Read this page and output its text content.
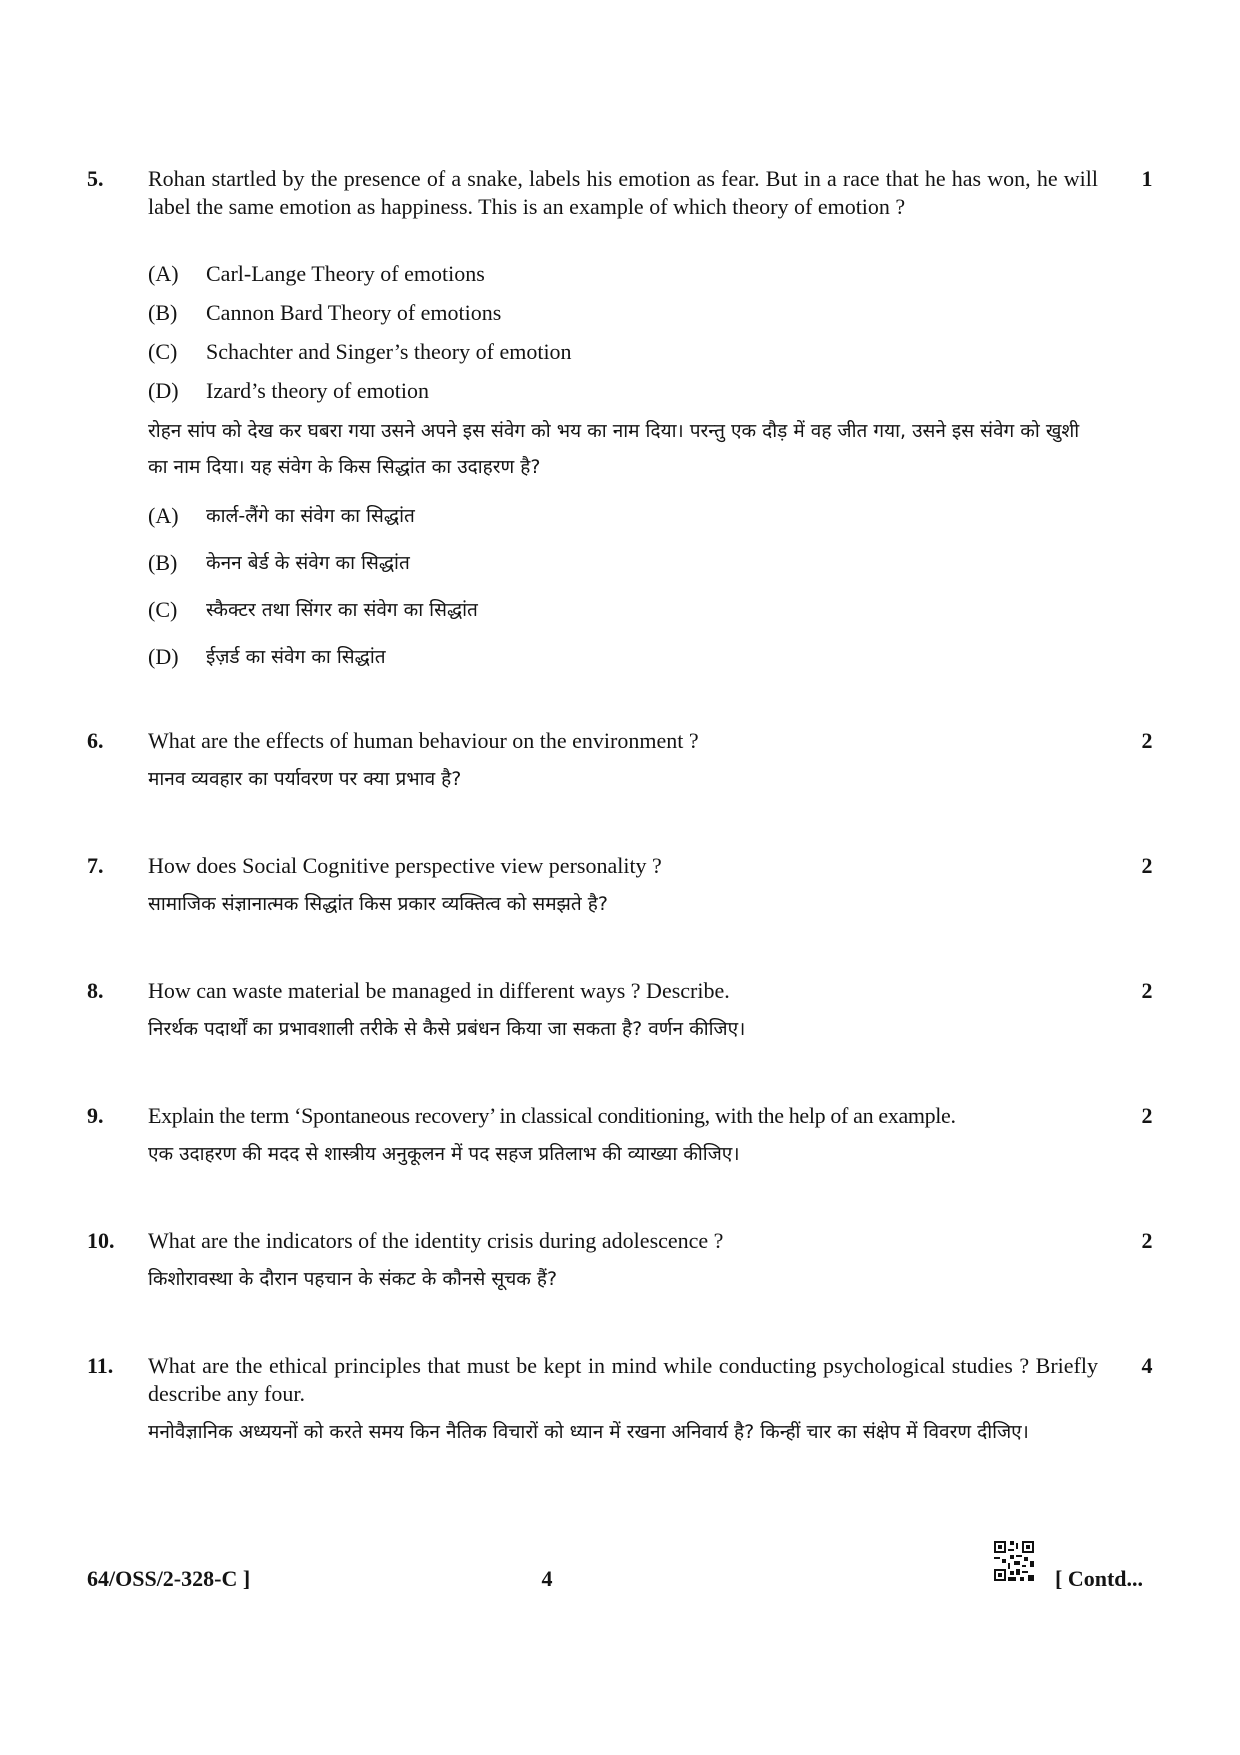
5.	1

Rohan startled by the presence of a snake, labels his emotion as fear. But in a race that he has won, he will label the same emotion as happiness. This is an example of which theory of emotion ?

(A) Carl-Lange Theory of emotions
(B) Cannon Bard Theory of emotions
(C) Schachter and Singer’s theory of emotion
(D) Izard’s theory of emotion

रोहन सांप को देख कर घबरा गया उसने अपने इस संवेग को भय का नाम दिया। परन्तु एक दौड़ में वह जीत गया, उसने इस संवेग को खुशी का नाम दिया। यह संवेग के किस सिद्धांत का उदाहरण है?

(A) कार्ल-लैंगे का संवेग का सिद्धांत
(B) केनन बेर्ड के संवेग का सिद्धांत
(C) स्कैक्टर तथा सिंगर का संवेग का सिद्धांत
(D) ईज़र्ड का संवेग का सिद्धांत
6.	2

What are the effects of human behaviour on the environment ?

मानव व्यवहार का पर्यावरण पर क्या प्रभाव है?

7.	2

How does Social Cognitive perspective view personality ?

सामाजिक संज्ञानात्मक सिद्धांत किस प्रकार व्यक्तित्व को समझते है?

8.	2

How can waste material be managed in different ways ? Describe.

निरर्थक पदार्थों का प्रभावशाली तरीके से कैसे प्रबंधन किया जा सकता है? वर्णन कीजिए।

9.	2

Explain the term ‘Spontaneous recovery’ in classical conditioning, with the help of an example.

एक उदाहरण की मदद से शास्त्रीय अनुकूलन में पद सहज प्रतिलाभ की व्याख्या कीजिए।

10.	2

What are the indicators of the identity crisis during adolescence ?

किशोरावस्था के दौरान पहचान के संकट के कौनसे सूचक हैं?

11.	4

What are the ethical principles that must be kept in mind while conducting psychological studies ? Briefly describe any four.

मनोवैज्ञानिक अध्ययनों को करते समय किन नैतिक विचारों को ध्यान में रखना अनिवार्य है? किन्हीं चार का संक्षेप में विवरण दीजिए।

64/OSS/2-328-C ]	4	[ Contd...
